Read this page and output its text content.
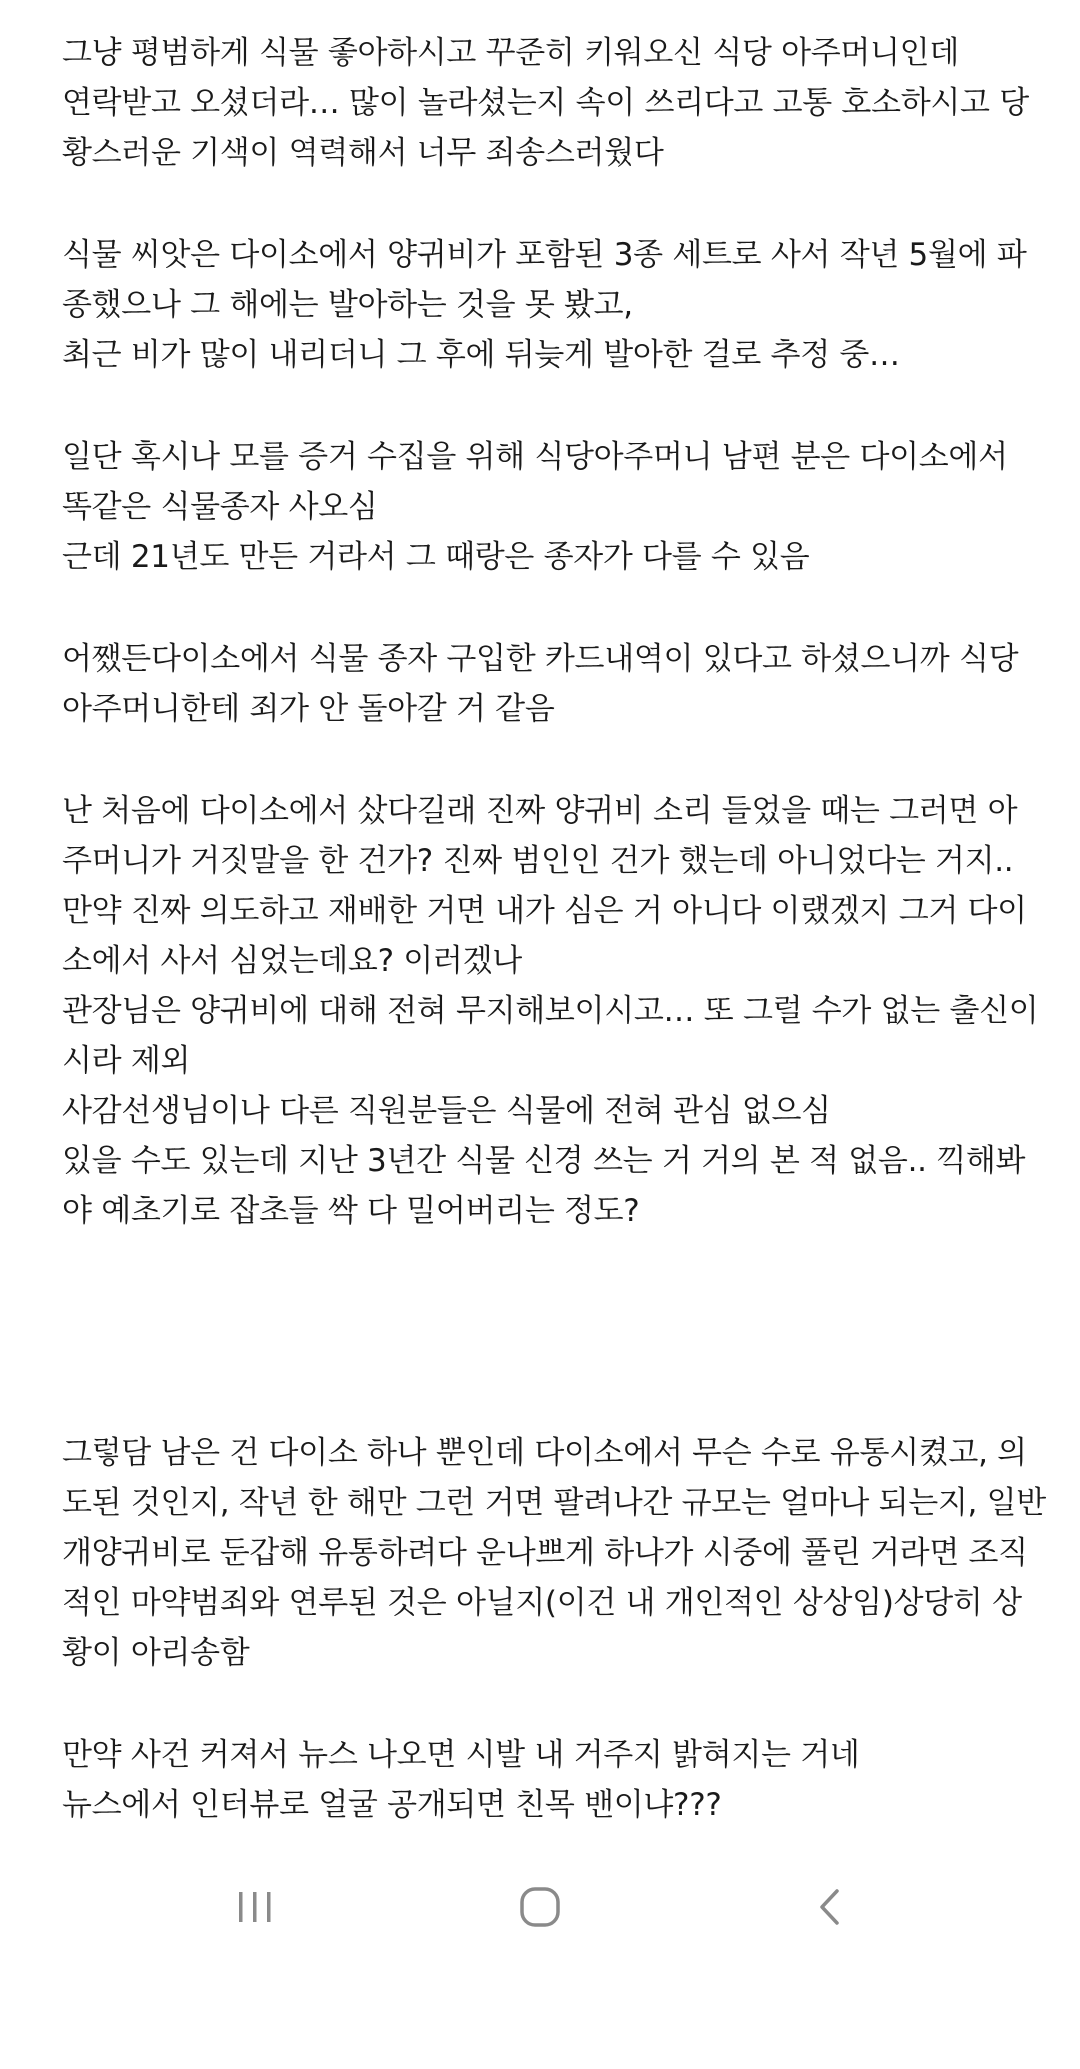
그냥 평범하게 식물 좋아하시고 꾸준히 키워오신 식당 아주머니인데
연락받고 오셨더라… 많이 놀라셨는지 속이 쓰리다고 고통 호소하시고 당
황스러운 기색이 역력해서 너무 죄송스러웠다
식물 씨앗은 다이소에서 양귀비가 포함된 3종 세트로 사서 작년 5월에 파
종했으나 그 해에는 발아하는 것을 못 봤고,
최근 비가 많이 내리더니 그 후에 뒤늦게 발아한 걸로 추정 중…
일단 혹시나 모를 증거 수집을 위해 식당아주머니 남편 분은 다이소에서
똑같은 식물종자 사오심
근데 21년도 만든 거라서 그 때랑은 종자가 다를 수 있음
어쨌든다이소에서 식물 종자 구입한 카드내역이 있다고 하셨으니까 식당
아주머니한테 죄가 안 돌아갈 거 같음
난 처음에 다이소에서 샀다길래 진짜 양귀비 소리 들었을 때는 그러면 아
주머니가 거짓말을 한 건가? 진짜 범인인 건가 했는데 아니었다는 거지..
만약 진짜 의도하고 재배한 거면 내가 심은 거 아니다 이랬겠지 그거 다이
소에서 사서 심었는데요? 이러겠나
관장님은 양귀비에 대해 전혀 무지해보이시고… 또 그럴 수가 없는 출신이
시라 제외
사감선생님이나 다른 직원분들은 식물에 전혀 관심 없으심
있을 수도 있는데 지난 3년간 식물 신경 쓰는 거 거의 본 적 없음.. 끽해봐
야 예초기로 잡초들 싹 다 밀어버리는 정도?
그렇담 남은 건 다이소 하나 뿐인데 다이소에서 무슨 수로 유통시켰고, 의
도된 것인지, 작년 한 해만 그런 거면 팔려나간 규모는 얼마나 되는지, 일반
개양귀비로 둔갑해 유통하려다 운나쁘게 하나가 시중에 풀린 거라면 조직
적인 마약범죄와 연루된 것은 아닐지(이건 내 개인적인 상상임)상당히 상
황이 아리송함
만약 사건 커져서 뉴스 나오면 시발 내 거주지 밝혀지는 거네
뉴스에서 인터뷰로 얼굴 공개되면 친목 밴이냐???
